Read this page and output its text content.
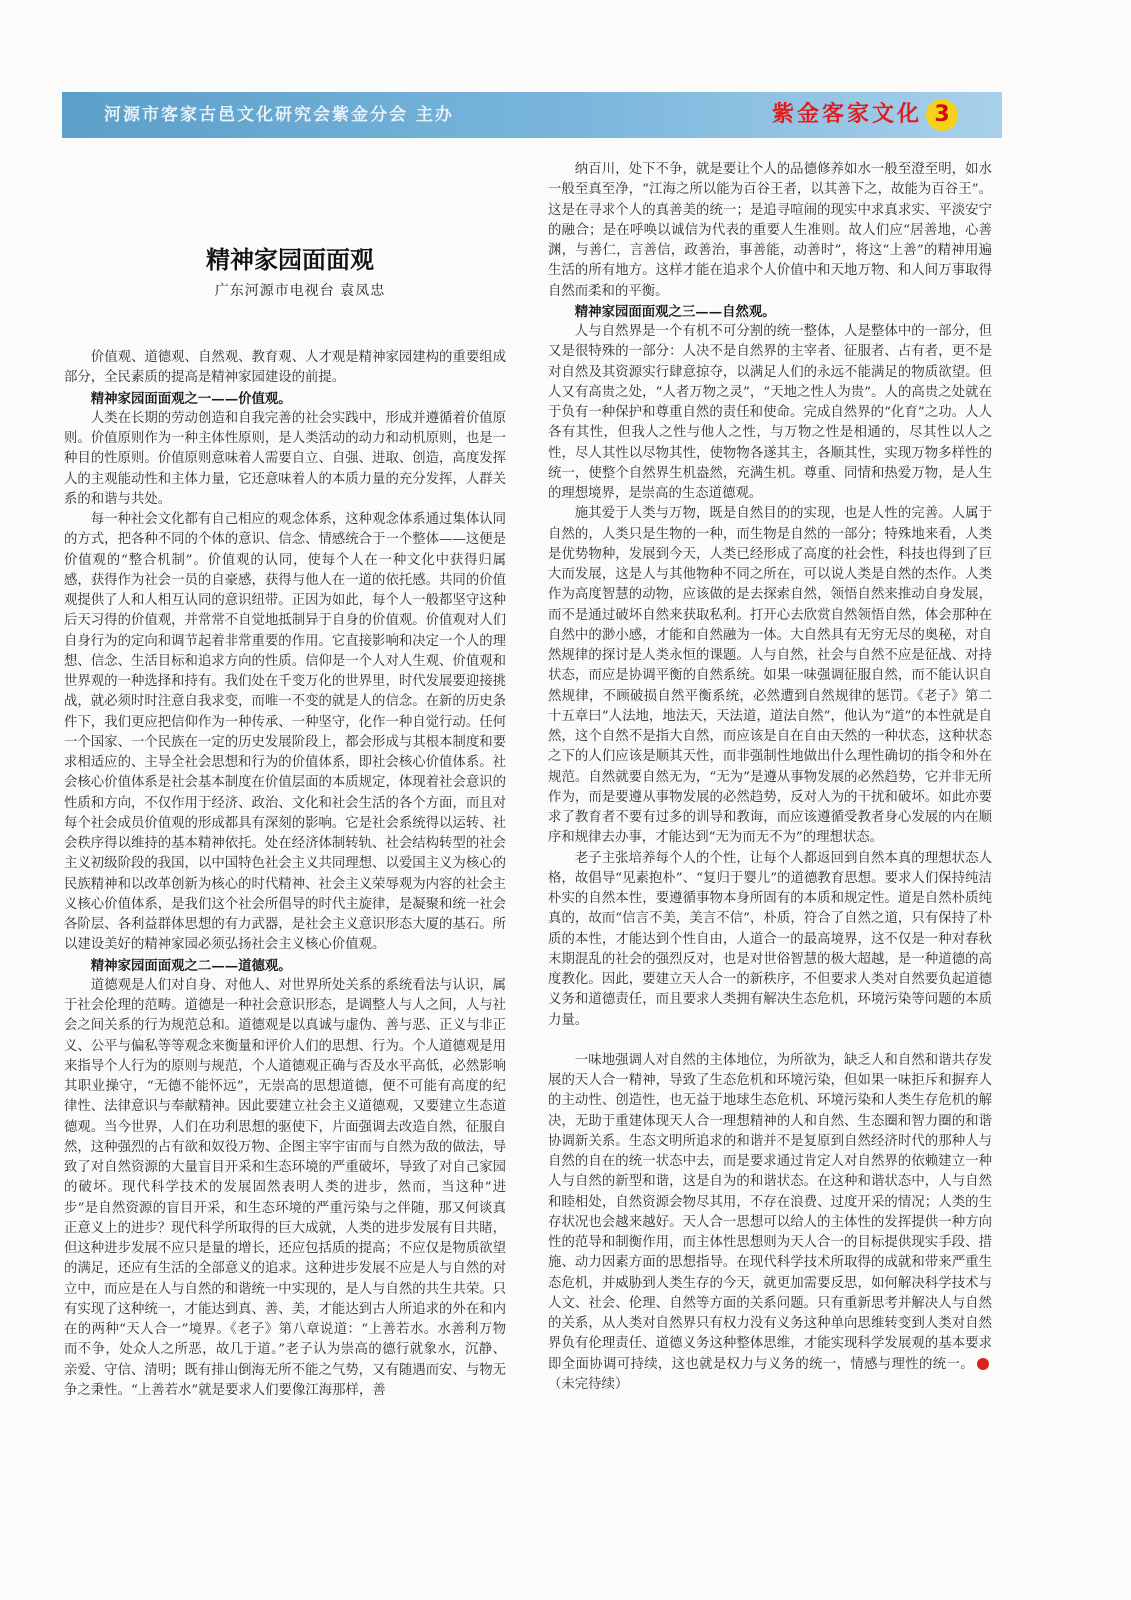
河源市客家古邑文化研究会紫金分会 主办	紫金客家文化 3
精神家园面面观
广东河源市电视台 袁凤忠

价值观、道德观、自然观、教育观、人才观是精神家园建构的重要组成部分，全民素质的提高是精神家园建设的前提。

精神家园面面观之一——价值观。

人类在长期的劳动创造和自我完善的社会实践中，形成并遵循着价值原则。价值原则作为一种主体性原则，是人类活动的动力和动机原则，也是一种目的性原则。价值原则意味着人需要自立、自强、进取、创造，高度发挥人的主观能动性和主体力量，它还意味着人的本质力量的充分发挥，人群关系的和谐与共处。

每一种社会文化都有自己相应的观念体系，这种观念体系通过集体认同的方式，把各种不同的个体的意识、信念、情感统合于一个整体——这便是价值观的“整合机制”。价值观的认同，使每个人在一种文化中获得归属感，获得作为社会一员的自豪感，获得与他人在一道的依托感。共同的价值观提供了人和人相互认同的意识纽带。正因为如此，每个人一般都坚守这种后天习得的价值观，并常常不自觉地抵制异于自身的价值观。价值观对人们自身行为的定向和调节起着非常重要的作用。它直接影响和决定一个人的理想、信念、生活目标和追求方向的性质。信仰是一个人对人生观、价值观和世界观的一种选择和持有。我们处在千变万化的世界里，时代发展要迎接挑战，就必须时时注意自我求变，而唯一不变的就是人的信念。在新的历史条件下，我们更应把信仰作为一种传承、一种坚守，化作一种自觉行动。任何一个国家、一个民族在一定的历史发展阶段上，都会形成与其根本制度和要求相适应的、主导全社会思想和行为的价值体系，即社会核心价值体系。社会核心价值体系是社会基本制度在价值层面的本质规定，体现着社会意识的性质和方向，不仅作用于经济、政治、文化和社会生活的各个方面，而且对每个社会成员价值观的形成都具有深刻的影响。它是社会系统得以运转、社会秩序得以维持的基本精神依托。处在经济体制转轨、社会结构转型的社会主义初级阶段的我国，以中国特色社会主义共同理想、以爱国主义为核心的民族精神和以改革创新为核心的时代精神、社会主义荣辱观为内容的社会主义核心价值体系，是我们这个社会所倡导的时代主旋律，是凝聚和统一社会各阶层、各利益群体思想的有力武器，是社会主义意识形态大厦的基石。所以建设美好的精神家园必须弘扬社会主义核心价值观。

精神家园面面观之二——道德观。

道德观是人们对自身、对他人、对世界所处关系的系统看法与认识，属于社会伦理的范畴。道德是一种社会意识形态，是调整人与人之间，人与社会之间关系的行为规范总和。道德观是以真诚与虚伪、善与恶、正义与非正义、公平与偏私等等观念来衡量和评价人们的思想、行为。个人道德观是用来指导个人行为的原则与规范，个人道德观正确与否及水平高低，必然影响其职业操守，“无德不能怀远”，无崇高的思想道德，便不可能有高度的纪律性、法律意识与奉献精神。因此要建立社会主义道德观，又要建立生态道德观。当今世界，人们在功利思想的驱使下，片面强调去改造自然，征服自然，这种强烈的占有欲和奴役万物、企图主宰宇宙而与自然为敌的做法，导致了对自然资源的大量盲目开采和生态环境的严重破坏，导致了对自己家园的破坏。现代科学技术的发展固然表明人类的进步，然而，当这种“进步”是自然资源的盲目开采，和生态环境的严重污染与之伴随，那又何谈真正意义上的进步？现代科学所取得的巨大成就，人类的进步发展有目共睹，但这种进步发展不应只是量的增长，还应包括质的提高；不应仅是物质欲望的满足，还应有生活的全部意义的追求。这种进步发展不应是人与自然的对立中，而应是在人与自然的和谐统一中实现的，是人与自然的共生共荣。只有实现了这种统一，才能达到真、善、美，才能达到古人所追求的外在和内在的两种“天人合一”境界。《老子》第八章说道：“上善若水。水善利万物而不争，处众人之所恶，故几于道。”老子认为崇高的德行就象水，沉静、亲爱、守信、清明；既有排山倒海无所不能之气势，又有随遇而安、与物无争之秉性。“上善若水”就是要求人们要像江海那样，善

纳百川，处下不争，就是要让个人的品德修养如水一般至澄至明，如水一般至真至净，“江海之所以能为百谷王者，以其善下之，故能为百谷王”。这是在寻求个人的真善美的统一；是追寻喧闹的现实中求真求实、平淡安宁的融合；是在呼唤以诚信为代表的重要人生准则。故人们应“居善地，心善渊，与善仁，言善信，政善治，事善能，动善时”，将这“上善”的精神用遍生活的所有地方。这样才能在追求个人价值中和天地万物、和人间万事取得自然而柔和的平衡。

精神家园面面观之三——自然观。

人与自然界是一个有机不可分割的统一整体，人是整体中的一部分，但又是很特殊的一部分：人决不是自然界的主宰者、征服者、占有者，更不是对自然及其资源实行肆意掠夺，以满足人们的永远不能满足的物质欲望。但人又有高贵之处，“人者万物之灵”，“天地之性人为贵”。人的高贵之处就在于负有一种保护和尊重自然的责任和使命。完成自然界的“化育”之功。人人各有其性，但我人之性与他人之性，与万物之性是相通的，尽其性以人之性，尽人其性以尽物其性，使物物各遂其主，各顺其性，实现万物多样性的统一，使整个自然界生机盎然，充满生机。尊重、同情和热爱万物，是人生的理想境界，是崇高的生态道德观。

施其爱于人类与万物，既是自然目的的实现，也是人性的完善。人属于自然的，人类只是生物的一种，而生物是自然的一部分；特殊地来看，人类是优势物种，发展到今天，人类已经形成了高度的社会性，科技也得到了巨大而发展，这是人与其他物种不同之所在，可以说人类是自然的杰作。人类作为高度智慧的动物，应该做的是去探索自然，领悟自然来推动自身发展，而不是通过破坏自然来获取私利。打开心去欣赏自然领悟自然，体会那种在自然中的渺小感，才能和自然融为一体。大自然具有无穷无尽的奥秘，对自然规律的探讨是人类永恒的课题。人与自然，社会与自然不应是征战、对持状态，而应是协调平衡的自然系统。如果一味强调征服自然，而不能认识自然规律，不顾破损自然平衡系统，必然遭到自然规律的惩罚。《老子》第二十五章曰“人法地，地法天，天法道，道法自然”，他认为“道”的本性就是自然，这个自然不是指大自然，而应该是自在自由天然的一种状态，这种状态之下的人们应该是顺其天性，而非强制性地做出什么理性确切的指令和外在规范。自然就要自然无为，“无为”是遵从事物发展的必然趋势，它并非无所作为，而是要遵从事物发展的必然趋势，反对人为的干扰和破坏。如此亦要求了教育者不要有过多的训导和教诲，而应该遵循受教者身心发展的内在顺序和规律去办事，才能达到“无为而无不为”的理想状态。

老子主张培养每个人的个性，让每个人都返回到自然本真的理想状态人格，故倡导“见素抱朴”、“复归于婴儿”的道德教育思想。要求人们保持纯洁朴实的自然本性，要遵循事物本身所固有的本质和规定性。道是自然朴质纯真的，故而“信言不美，美言不信”，朴质，符合了自然之道，只有保持了朴质的本性，才能达到个性自由，人道合一的最高境界，这不仅是一种对春秋末期混乱的社会的强烈反对，也是对世俗智慧的极大超越，是一种道德的高度教化。因此，要建立天人合一的新秩序，不但要求人类对自然要负起道德义务和道德责任，而且要求人类拥有解决生态危机，环境污染等问题的本质力量。

一味地强调人对自然的主体地位，为所欲为，缺乏人和自然和谐共存发展的天人合一精神，导致了生态危机和环境污染，但如果一味拒斥和摒弃人的主动性、创造性，也无益于地球生态危机、环境污染和人类生存危机的解决，无助于重建体现天人合一理想精神的人和自然、生态圈和智力圈的和谐协调新关系。生态文明所追求的和谐并不是复原到自然经济时代的那种人与自然的自在的统一状态中去，而是要求通过肯定人对自然界的依赖建立一种人与自然的新型和谐，这是自为的和谐状态。在这种和谐状态中，人与自然和睦相处，自然资源会物尽其用，不存在浪费、过度开采的情况；人类的生存状况也会越来越好。天人合一思想可以给人的主体性的发挥提供一种方向性的范导和制衡作用，而主体性思想则为天人合一的目标提供现实手段、措施、动力因素方面的思想指导。在现代科学技术所取得的成就和带来严重生态危机，并威胁到人类生存的今天，就更加需要反思，如何解决科学技术与人文、社会、伦理、自然等方面的关系问题。只有重新思考并解决人与自然的关系，从人类对自然界只有权力没有义务这种单向思维转变到人类对自然界负有伦理责任、道德义务这种整体思维，才能实现科学发展观的基本要求即全面协调可持续，这也就是权力与义务的统一，情感与理性的统一。（未完待续）
